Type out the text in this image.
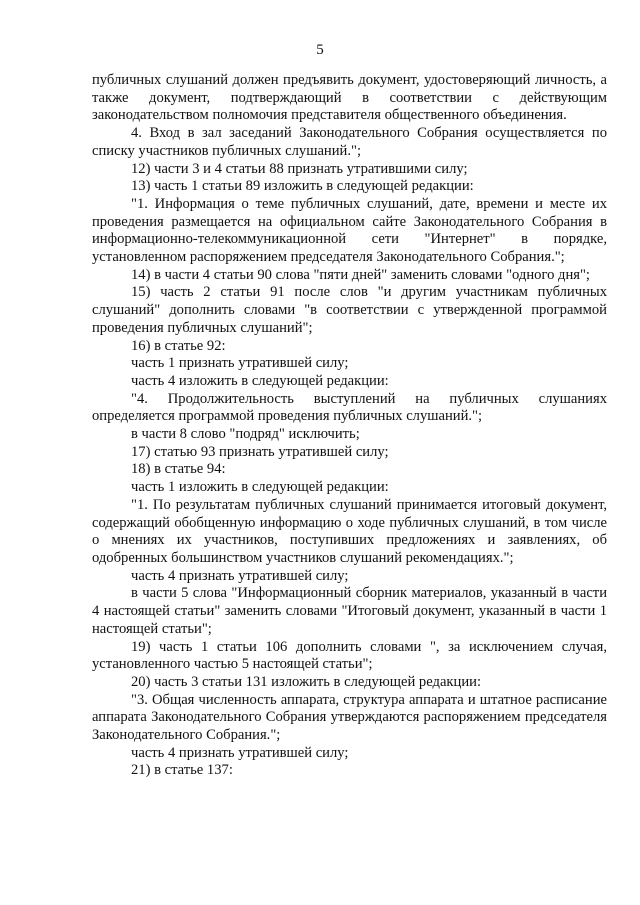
5

публичных слушаний должен предъявить документ, удостоверяющий личность, а также документ, подтверждающий в соответствии с действующим законодательством полномочия представителя общественного объединения.

4. Вход в зал заседаний Законодательного Собрания осуществляется по списку участников публичных слушаний.";

12) части 3 и 4 статьи 88 признать утратившими силу;

13) часть 1 статьи 89 изложить в следующей редакции:

"1. Информация о теме публичных слушаний, дате, времени и месте их проведения размещается на официальном сайте Законодательного Собрания в информационно-телекоммуникационной сети "Интернет" в порядке, установленном распоряжением председателя Законодательного Собрания.";

14) в части 4 статьи 90 слова "пяти дней" заменить словами "одного дня";

15) часть 2 статьи 91 после слов "и другим участникам публичных слушаний" дополнить словами "в соответствии с утвержденной программой проведения публичных слушаний";

16) в статье 92:

часть 1 признать утратившей силу;

часть 4 изложить в следующей редакции:

"4. Продолжительность выступлений на публичных слушаниях определяется программой проведения публичных слушаний.";

в части 8 слово "подряд" исключить;

17) статью 93 признать утратившей силу;

18) в статье 94:

часть 1 изложить в следующей редакции:

"1. По результатам публичных слушаний принимается итоговый документ, содержащий обобщенную информацию о ходе публичных слушаний, в том числе о мнениях их участников, поступивших предложениях и заявлениях, об одобренных большинством участников слушаний рекомендациях.";

часть 4 признать утратившей силу;

в части 5 слова "Информационный сборник материалов, указанный в части 4 настоящей статьи" заменить словами "Итоговый документ, указанный в части 1 настоящей статьи";

19) часть 1 статьи 106 дополнить словами ", за исключением случая, установленного частью 5 настоящей статьи";

20) часть 3 статьи 131 изложить в следующей редакции:

"3. Общая численность аппарата, структура аппарата и штатное расписание аппарата Законодательного Собрания утверждаются распоряжением председателя Законодательного Собрания.";

часть 4 признать утратившей силу;

21) в статье 137:
